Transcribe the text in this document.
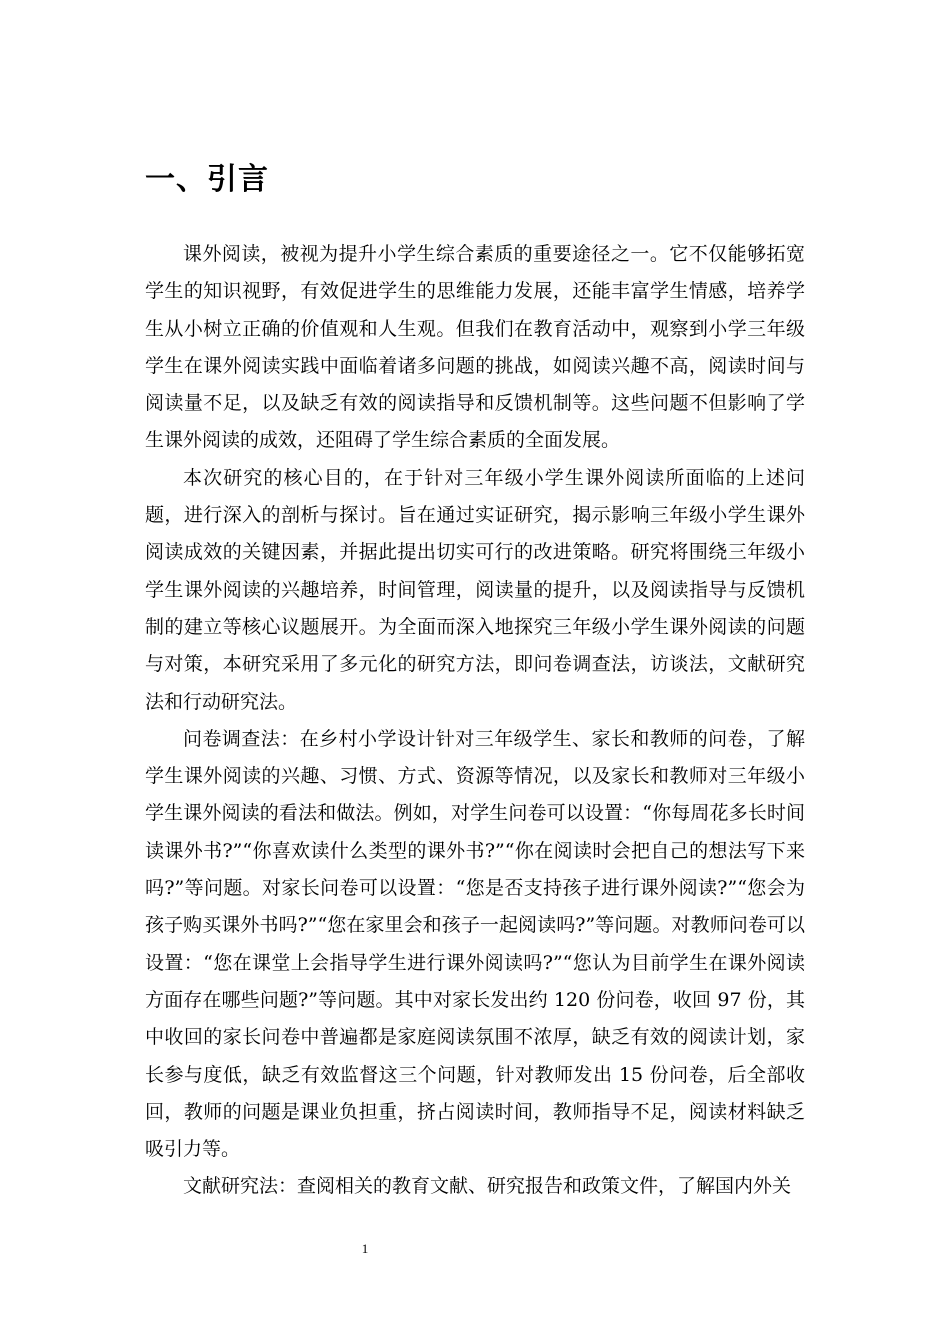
一、引言

课外阅读，被视为提升小学生综合素质的重要途径之一。它不仅能够拓宽学生的知识视野，有效促进学生的思维能力发展，还能丰富学生情感，培养学生从小树立正确的价值观和人生观。但我们在教育活动中，观察到小学三年级学生在课外阅读实践中面临着诸多问题的挑战，如阅读兴趣不高，阅读时间与阅读量不足，以及缺乏有效的阅读指导和反馈机制等。这些问题不但影响了学生课外阅读的成效，还阻碍了学生综合素质的全面发展。

本次研究的核心目的，在于针对三年级小学生课外阅读所面临的上述问题，进行深入的剖析与探讨。旨在通过实证研究，揭示影响三年级小学生课外阅读成效的关键因素，并据此提出切实可行的改进策略。研究将围绕三年级小学生课外阅读的兴趣培养，时间管理，阅读量的提升，以及阅读指导与反馈机制的建立等核心议题展开。为全面而深入地探究三年级小学生课外阅读的问题与对策，本研究采用了多元化的研究方法，即问卷调查法，访谈法，文献研究法和行动研究法。

问卷调查法：在乡村小学设计针对三年级学生、家长和教师的问卷，了解学生课外阅读的兴趣、习惯、方式、资源等情况，以及家长和教师对三年级小学生课外阅读的看法和做法。例如，对学生问卷可以设置：“你每周花多长时间读课外书?”“你喜欢读什么类型的课外书?”“你在阅读时会把自己的想法写下来吗?”等问题。对家长问卷可以设置：“您是否支持孩子进行课外阅读?”“您会为孩子购买课外书吗?”“您在家里会和孩子一起阅读吗?”等问题。对教师问卷可以设置：“您在课堂上会指导学生进行课外阅读吗?”“您认为目前学生在课外阅读方面存在哪些问题?”等问题。其中对家长发出约 120 份问卷，收回 97 份，其中收回的家长问卷中普遍都是家庭阅读氛围不浓厚，缺乏有效的阅读计划，家长参与度低，缺乏有效监督这三个问题，针对教师发出 15 份问卷，后全部收回，教师的问题是课业负担重，挤占阅读时间，教师指导不足，阅读材料缺乏吸引力等。

文献研究法：查阅相关的教育文献、研究报告和政策文件，了解国内外关

1
